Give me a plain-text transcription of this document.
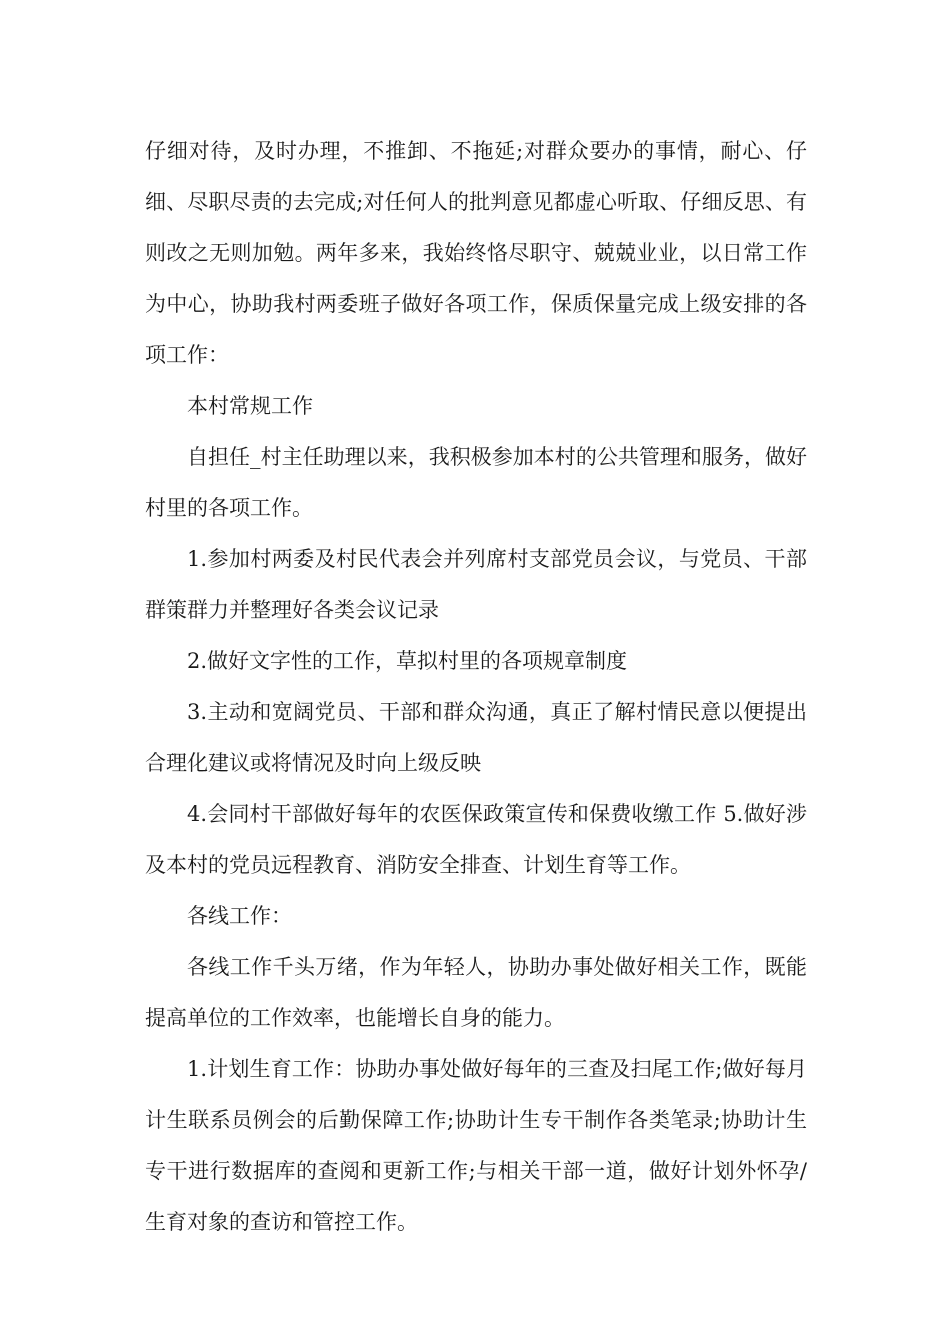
仔细对待，及时办理，不推卸、不拖延;对群众要办的事情，耐心、仔细、尽职尽责的去完成;对任何人的批判意见都虚心听取、仔细反思、有则改之无则加勉。两年多来，我始终恪尽职守、兢兢业业，以日常工作为中心，协助我村两委班子做好各项工作，保质保量完成上级安排的各项工作：

本村常规工作

自担任_村主任助理以来，我积极参加本村的公共管理和服务，做好村里的各项工作。

1.参加村两委及村民代表会并列席村支部党员会议，与党员、干部群策群力并整理好各类会议记录

2.做好文字性的工作，草拟村里的各项规章制度

3.主动和宽阔党员、干部和群众沟通，真正了解村情民意以便提出合理化建议或将情况及时向上级反映

4.会同村干部做好每年的农医保政策宣传和保费收缴工作 5.做好涉及本村的党员远程教育、消防安全排查、计划生育等工作。

各线工作：

各线工作千头万绪，作为年轻人，协助办事处做好相关工作，既能提高单位的工作效率，也能增长自身的能力。

1.计划生育工作：协助办事处做好每年的三查及扫尾工作;做好每月计生联系员例会的后勤保障工作;协助计生专干制作各类笔录;协助计生专干进行数据库的查阅和更新工作;与相关干部一道，做好计划外怀孕/生育对象的查访和管控工作。
